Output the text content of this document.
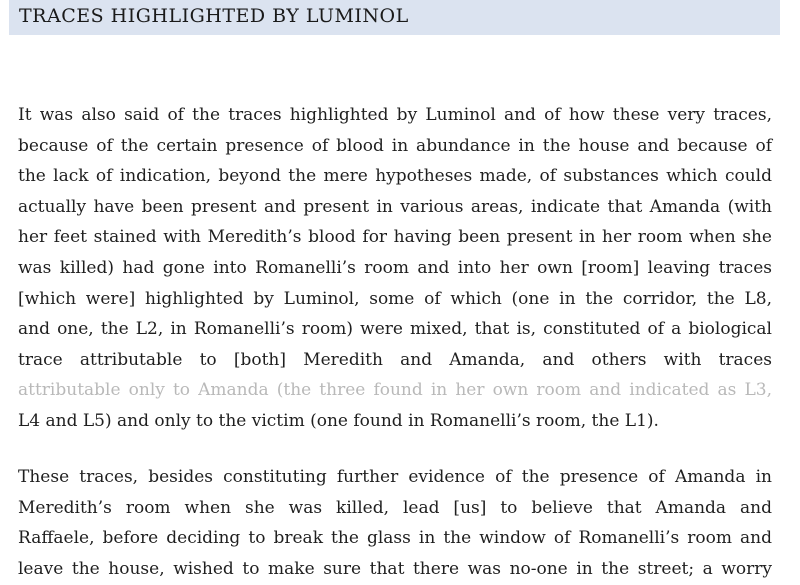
TRACES HIGHLIGHTED BY LUMINOL
It was also said of the traces highlighted by Luminol and of how these very traces,
because of the certain presence of blood in abundance in the house and because of
the lack of indication, beyond the mere hypotheses made, of substances which could
actually have been present and present in various areas, indicate that Amanda (with
her feet stained with Meredith’s blood for having been present in her room when she
was killed) had gone into Romanelli’s room and into her own [room] leaving traces
[which were] highlighted by Luminol, some of which (one in the corridor, the L8,
and one, the L2, in Romanelli’s room) were mixed, that is, constituted of a biological
trace attributable to [both] Meredith and Amanda, and others with traces
attributable only to Amanda (the three found in her own room and indicated as L3,
L4 and L5) and only to the victim (one found in Romanelli’s room, the L1).
These traces, besides constituting further evidence of the presence of Amanda in
Meredith’s room when she was killed, lead [us] to believe that Amanda and
Raffaele, before deciding to break the glass in the window of Romanelli’s room and
leave the house, wished to make sure that there was no-one in the street; a worry
